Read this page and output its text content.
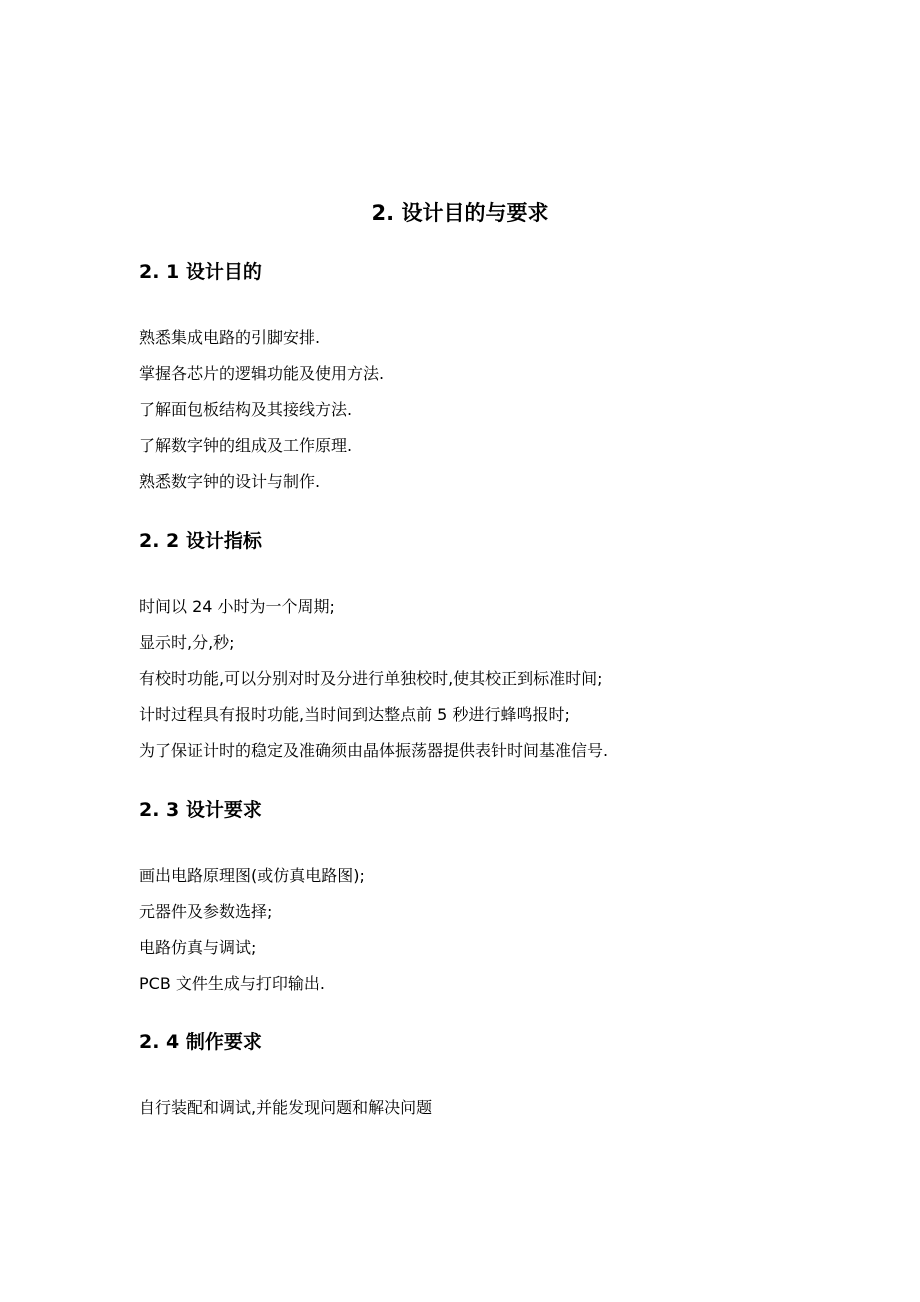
2. 设计目的与要求
2. 1 设计目的
熟悉集成电路的引脚安排.
掌握各芯片的逻辑功能及使用方法.
了解面包板结构及其接线方法.
了解数字钟的组成及工作原理.
熟悉数字钟的设计与制作.
2. 2 设计指标
时间以 24 小时为一个周期;
显示时,分,秒;
有校时功能,可以分别对时及分进行单独校时,使其校正到标准时间;
计时过程具有报时功能,当时间到达整点前 5 秒进行蜂鸣报时;
为了保证计时的稳定及准确须由晶体振荡器提供表针时间基准信号.
2. 3 设计要求
画出电路原理图(或仿真电路图);
元器件及参数选择;
电路仿真与调试;
PCB 文件生成与打印输出.
2. 4 制作要求
自行装配和调试,并能发现问题和解决问题
